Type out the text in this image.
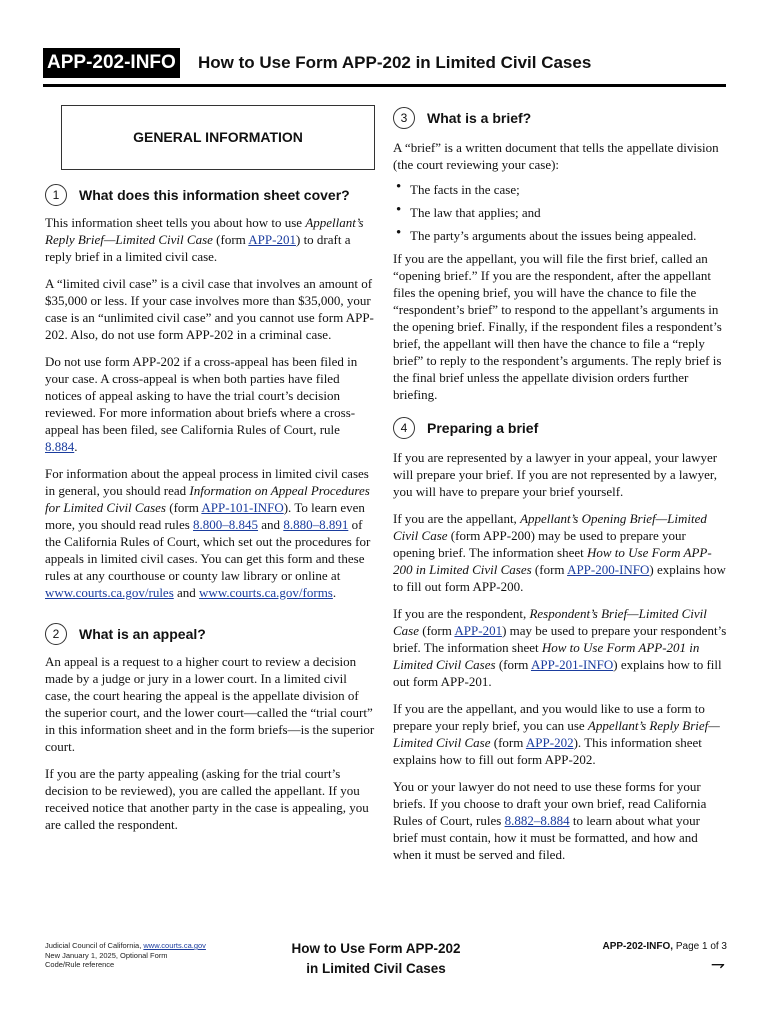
APP-202-INFO How to Use Form APP-202 in Limited Civil Cases
GENERAL INFORMATION
1	What does this information sheet cover?

This information sheet tells you about how to use Appellant’s Reply Brief—Limited Civil Case (form APP-201) to draft a reply brief in a limited civil case.

A “limited civil case” is a civil case that involves an amount of $35,000 or less. If your case involves more than $35,000, your case is an “unlimited civil case” and you cannot use form APP-202. Also, do not use form APP-202 in a criminal case.

Do not use form APP-202 if a cross-appeal has been filed in your case. A cross-appeal is when both parties have filed notices of appeal asking to have the trial court’s decision reviewed. For more information about briefs where a cross-appeal has been filed, see California Rules of Court, rule 8.884.

For information about the appeal process in limited civil cases in general, you should read Information on Appeal Procedures for Limited Civil Cases (form APP-101-INFO). To learn even more, you should read rules 8.800–8.845 and 8.880–8.891 of the California Rules of Court, which set out the procedures for appeals in limited civil cases. You can get this form and these rules at any courthouse or county law library or online at www.courts.ca.gov/rules and www.courts.ca.gov/forms.

2	What is an appeal?

An appeal is a request to a higher court to review a decision made by a judge or jury in a lower court. In a limited civil case, the court hearing the appeal is the appellate division of the superior court, and the lower court—called the “trial court” in this information sheet and in the form briefs—is the superior court.

If you are the party appealing (asking for the trial court’s decision to be reviewed), you are called the appellant. If you received notice that another party in the case is appealing, you are called the respondent.

3	What is a brief?

A “brief” is a written document that tells the appellate division (the court reviewing your case):

• The facts in the case;
• The law that applies; and
• The party’s arguments about the issues being appealed.

If you are the appellant, you will file the first brief, called an “opening brief.” If you are the respondent, after the appellant files the opening brief, you will have the chance to file the “respondent’s brief” to respond to the appellant’s arguments in the opening brief. Finally, if the respondent files a respondent’s brief, the appellant will then have the chance to file a “reply brief” to reply to the respondent’s arguments. The reply brief is the final brief unless the appellate division orders further briefing.

4	Preparing a brief

If you are represented by a lawyer in your appeal, your lawyer will prepare your brief. If you are not represented by a lawyer, you will have to prepare your brief yourself.

If you are the appellant, Appellant’s Opening Brief—Limited Civil Case (form APP-200) may be used to prepare your opening brief. The information sheet How to Use Form APP-200 in Limited Civil Cases (form APP-200-INFO) explains how to fill out form APP-200.

If you are the respondent, Respondent’s Brief—Limited Civil Case (form APP-201) may be used to prepare your respondent’s brief. The information sheet How to Use Form APP-201 in Limited Civil Cases (form APP-201-INFO) explains how to fill out form APP-201.

If you are the appellant, and you would like to use a form to prepare your reply brief, you can use Appellant’s Reply Brief—Limited Civil Case (form APP-202). This information sheet explains how to fill out form APP-202.

You or your lawyer do not need to use these forms for your briefs. If you choose to draft your own brief, read California Rules of Court, rules 8.882–8.884 to learn about what your brief must contain, how it must be formatted, and how and when it must be served and filed.

Judicial Council of California, www.courts.ca.gov
New January 1, 2025, Optional Form
Code/Rule reference
How to Use Form APP-202
in Limited Civil Cases
APP-202-INFO, Page 1 of 3
⇁
